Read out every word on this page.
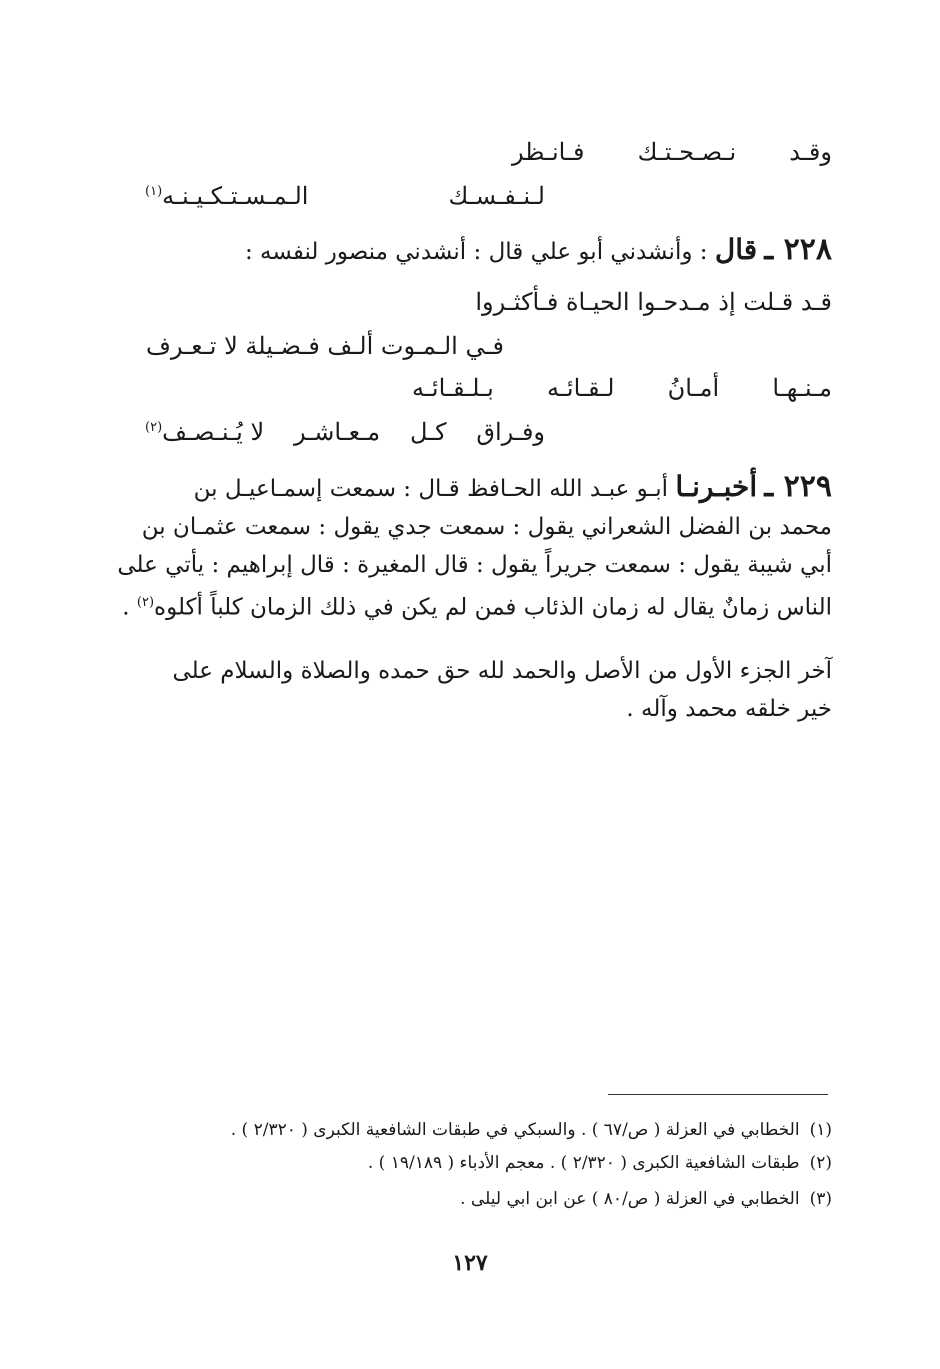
وقـد
نـصـحـتـك
فـانـظر
لـنـفـسـك
الـمـسـتـكـيـنـه(١)
٢٢٨ ـ قال : وأنشدني أبو علي قال : أنشدني منصور لنفسه :
قـد قـلت إذ مـدحـوا الحيـاة فـأكثـروا
فـي الـمـوت ألـف فـضـيلة لا تـعـرف
مـنـهـا
أمـانُ
لـقـائـه
بـلـقـائـه
وفـراق
كـل
مـعـاشـر
لا يُـنـصـف(٢)
٢٢٩ ـ أخبـرنـا أبـو عبـد الله الحـافظ قـال : سمعت إسمـاعيـل بن
محمد بن الفضل الشعراني يقول : سمعت جدي يقول : سمعت عثمـان بن
أبي شيبة يقول : سمعت جريراً يقول : قال المغيرة : قال إبراهيم : يأتي على
الناس زمانٌ يقال له زمان الذئاب فمن لم يكن في ذلك الزمان كلباً أكلوه$^{(٢)}$ .
آخر الجزء الأول من الأصل والحمد لله حق حمده والصلاة والسلام على
خير خلقه محمد وآله .
(١)الخطابي في العزلة ( ص/٦٧ ) . والسبكي في طبقات الشافعية الكبرى ( ٢/٣٢٠ ) .
(٢)طبقات الشافعية الكبرى ( ٢/٣٢٠ ) . معجم الأدباء ( ١٩/١٨٩ ) .
(٣)الخطابي في العزلة ( ص/٨٠ ) عن ابن ابي ليلى .
١٢٧
